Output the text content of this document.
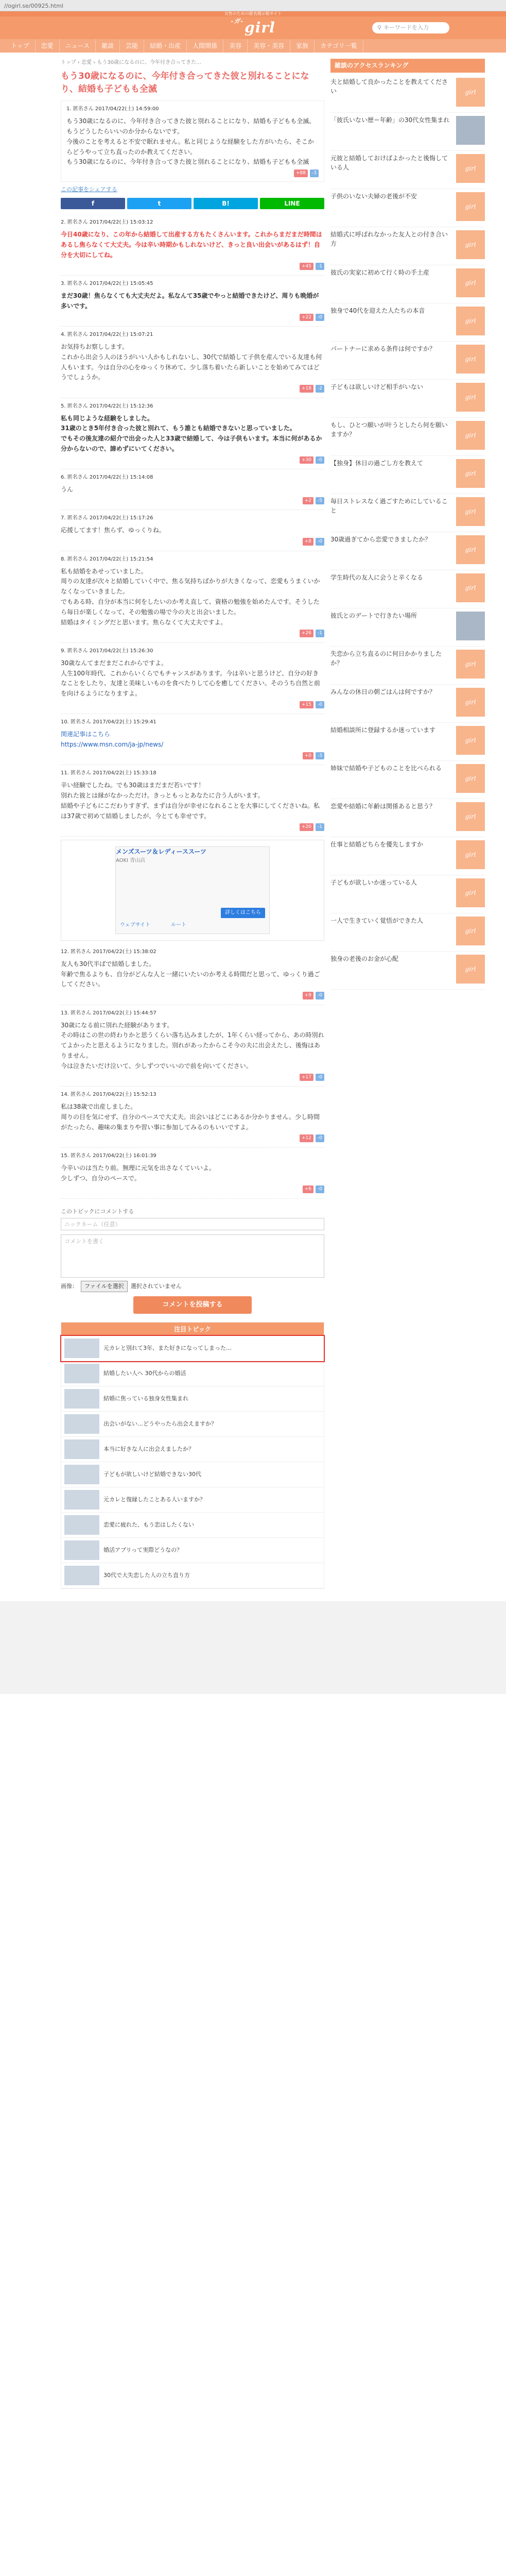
//ogirl.se/00925.html
女性のための匿名掲示板サイト
$^{-ガ-}$girl	⚲ キーワードを入力
トップ	恋愛	ニュース	雑談	芸能	結婚・出産	人間関係	美容	美容・美容	家族	カテゴリ一覧
トップ › 恋愛 › もう30歳になるのに、今年付き合ってきた…
もう30歳になるのに、今年付き合ってきた彼と別れることになり、結婚も子どもも全滅
1. 匿名さん 2017/04/22(土) 14:59:00
もう30歳になるのに、今年付き合ってきた彼と別れることになり、結婚も子どもも全滅。もうどうしたらいいのか分からないです。
今後のことを考えると不安で眠れません。私と同じような経験をした方がいたら、そこからどうやって立ち直ったのか教えてください。
もう30歳になるのに、今年付き合ってきた彼と別れることになり、結婚も子どもも全滅
+88	-3
この記事をシェアする
f	t	B!	LINE
2. 匿名さん 2017/04/22(土) 15:03:12
今日40歳になり、この年から結婚して出産する方もたくさんいます。これからまだまだ時間はあるし焦らなくて大丈夫。今は辛い時期かもしれないけど、きっと良い出会いがあるはず！自分を大切にしてね。
+45	-1
3. 匿名さん 2017/04/22(土) 15:05:45
まだ30歳！焦らなくても大丈夫だよ。私なんて35歳でやっと結婚できたけど、周りも晩婚が多いです。
+22	-0
4. 匿名さん 2017/04/22(土) 15:07:21
お気持ちお察しします。
これから出会う人のほうがいい人かもしれないし、30代で結婚して子供を産んでいる友達も何人もいます。今は自分の心をゆっくり休めて、少し落ち着いたら新しいことを始めてみてはどうでしょうか。
+18	-2
5. 匿名さん 2017/04/22(土) 15:12:36
私も同じような経験をしました。
31歳のとき5年付き合った彼と別れて、もう誰とも結婚できないと思っていました。
でもその後友達の紹介で出会った人と33歳で結婚して、今は子供もいます。本当に何があるか分からないので、諦めずにいてください。
+30	-0
6. 匿名さん 2017/04/22(土) 15:14:08
うん
+2	-5
7. 匿名さん 2017/04/22(土) 15:17:26
応援してます！焦らず、ゆっくりね。
+8	-0
8. 匿名さん 2017/04/22(土) 15:21:54
私も結婚をあせっていました。
周りの友達が次々と結婚していく中で、焦る気持ちばかりが大きくなって、恋愛もうまくいかなくなっていきました。
でもある時、自分が本当に何をしたいのか考え直して、資格の勉強を始めたんです。そうしたら毎日が楽しくなって、その勉強の場で今の夫と出会いました。
結婚はタイミングだと思います。焦らなくて大丈夫ですよ。
+26	-1
9. 匿名さん 2017/04/22(土) 15:26:30
30歳なんてまだまだこれからですよ。
人生100年時代、これからいくらでもチャンスがあります。今は辛いと思うけど、自分の好きなことをしたり、友達と美味しいものを食べたりして心を癒してください。そのうち自然と前を向けるようになりますよ。
+15	-0
10. 匿名さん 2017/04/22(土) 15:29:41
関連記事はこちら
https://www.msn.com/ja-jp/news/
+0	-3
11. 匿名さん 2017/04/22(土) 15:33:18
辛い経験でしたね。でも30歳はまだまだ若いです！
別れた彼とは縁がなかっただけ。きっともっとあなたに合う人がいます。
結婚や子どもにこだわりすぎず、まずは自分が幸せになれることを大事にしてくださいね。私は37歳で初めて結婚しましたが、今とても幸せです。
+20	-1
メンズスーツ＆レディーススーツ
AOKI 青山店
詳しくはこちら
ウェブサイト	ルート
12. 匿名さん 2017/04/22(土) 15:38:02
友人も30代半ばで結婚しました。
年齢で焦るよりも、自分がどんな人と一緒にいたいのか考える時間だと思って、ゆっくり過ごしてください。
+9	-0
13. 匿名さん 2017/04/22(土) 15:44:57
30歳になる前に別れた経験があります。
その時はこの世の終わりかと思うくらい落ち込みましたが、1年くらい経ってから、あの時別れてよかったと思えるようになりました。別れがあったからこそ今の夫に出会えたし、後悔はありません。
今は泣きたいだけ泣いて、少しずつでいいので前を向いてください。
+17	-0
14. 匿名さん 2017/04/22(土) 15:52:13
私は38歳で出産しました。
周りの目を気にせず、自分のペースで大丈夫。出会いはどこにあるか分かりません。少し時間がたったら、趣味の集まりや習い事に参加してみるのもいいですよ。
+12	-0
15. 匿名さん 2017/04/22(土) 16:01:39
今辛いのは当たり前。無理に元気を出さなくていいよ。
少しずつ、自分のペースで。
+6	-0
このトピックにコメントする
ニックネーム（任意）
コメントを書く
画像：	ファイルを選択	選択されていません
コメントを投稿する
注目トピック
元カレと別れて3年、また好きになってしまった…
結婚したい人へ 30代からの婚活
結婚に焦っている独身女性集まれ
出会いがない…どうやったら出会えますか？
本当に好きな人に出会えましたか？
子どもが欲しいけど結婚できない30代
元カレと復縁したことある人いますか？
恋愛に疲れた、もう恋はしたくない
婚活アプリって実際どうなの？
30代で大失恋した人の立ち直り方
雑談のアクセスランキング
夫と結婚して良かったことを教えてください	girl
「彼氏いない歴＝年齢」の30代女性集まれ
元彼と結婚しておけばよかったと後悔している人	girl
子供のいない夫婦の老後が不安
girl
結婚式に呼ばれなかった友人との付き合い方	girl
彼氏の実家に初めて行く時の手土産
girl
独身で40代を迎えた人たちの本音
girl
パートナーに求める条件は何ですか？
girl
子どもは欲しいけど相手がいない
girl
もし、ひとつ願いが叶うとしたら何を願いますか？	girl
【独身】休日の過ごし方を教えて
girl
毎日ストレスなく過ごすためにしていること	girl
30歳過ぎてから恋愛できましたか？
girl
学生時代の友人に会うと辛くなる
girl
彼氏とのデートで行きたい場所
失恋から立ち直るのに何日かかりましたか？	girl
みんなの休日の朝ごはんは何ですか？
girl
結婚相談所に登録するか迷っています
girl
姉妹で結婚や子どものことを比べられる
girl
恋愛や結婚に年齢は関係あると思う？
girl
仕事と結婚どちらを優先しますか
girl
子どもが欲しいか迷っている人
girl
一人で生きていく覚悟ができた人
girl
独身の老後のお金が心配
girl
